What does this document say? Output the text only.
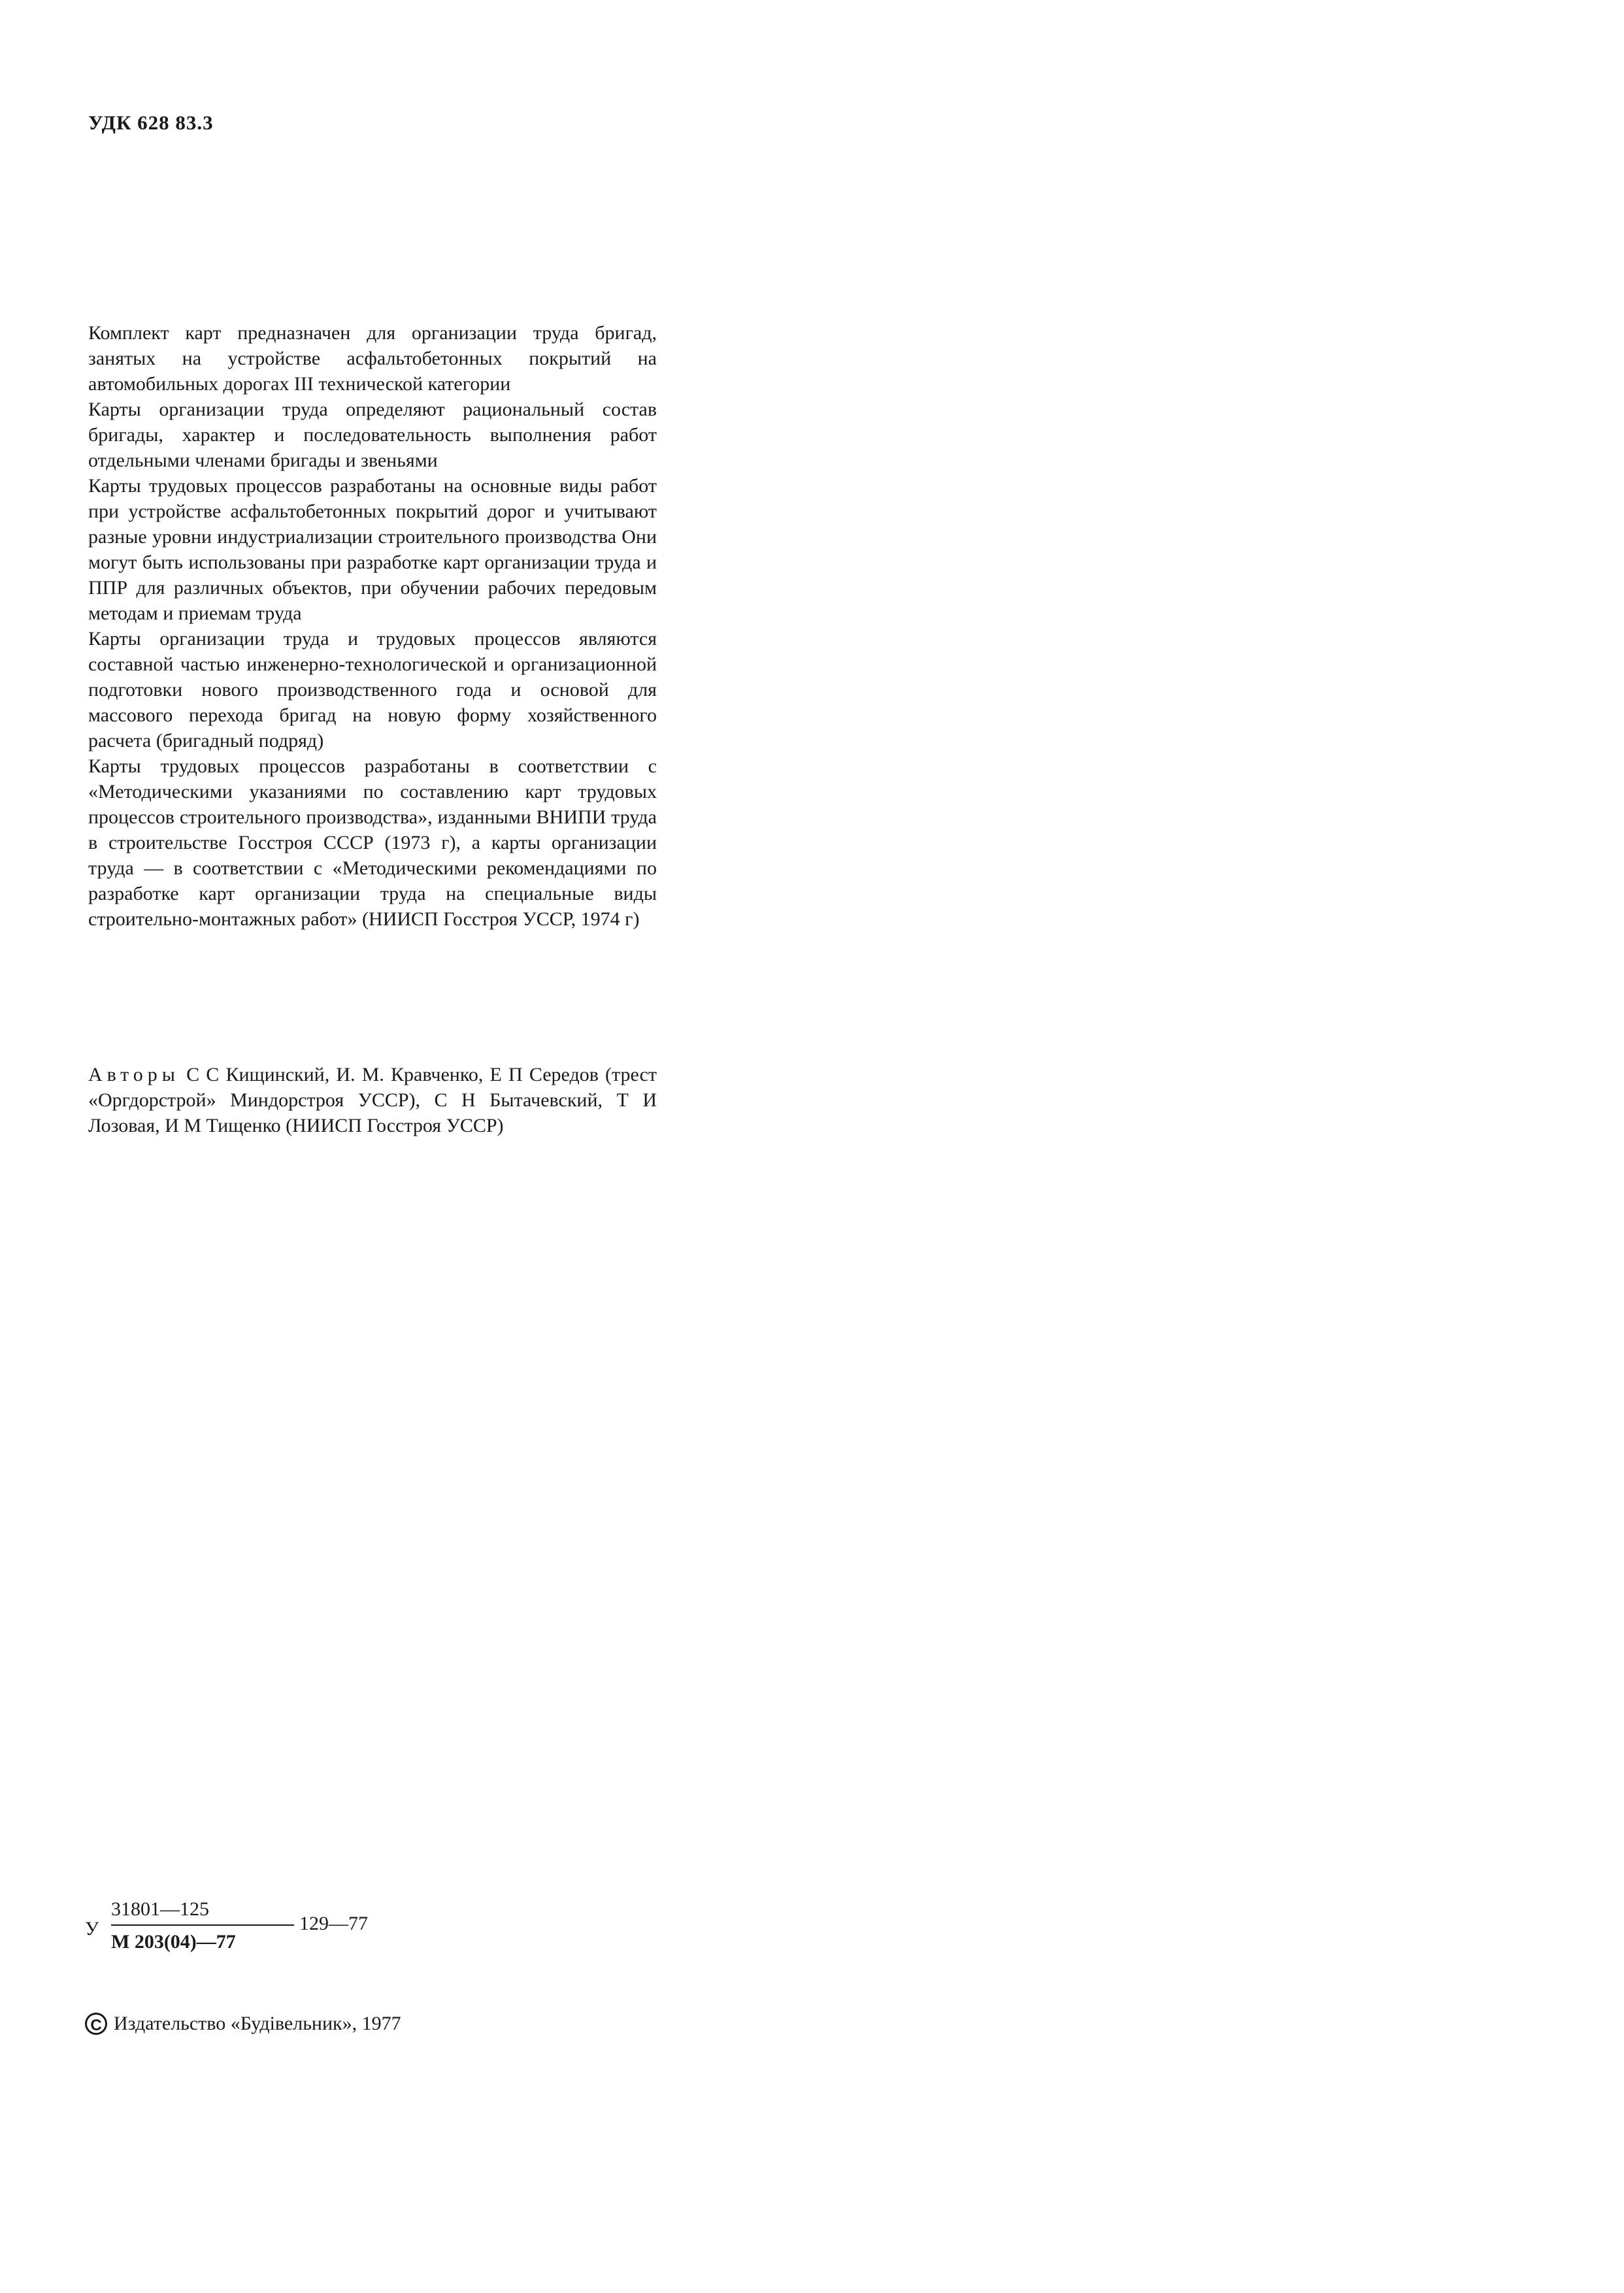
УДК 628 83.3

Комплект карт предназначен для организации труда бригад, занятых на устройстве асфальтобетонных покрытий на автомобильных дорогах III технической категории

Карты организации труда определяют рациональный состав бригады, характер и последовательность выполнения работ отдельными членами бригады и звеньями

Карты трудовых процессов разработаны на основные виды работ при устройстве асфальтобетонных покрытий дорог и учитывают разные уровни индустриализации строительного производства Они могут быть использованы при разработке карт организации труда и ППР для различных объектов, при обучении рабочих передовым методам и приемам труда

Карты организации труда и трудовых процессов являются составной частью инженерно-технологической и организационной подготовки нового производственного года и основой для массового перехода бригад на новую форму хозяйственного расчета (бригадный подряд)

Карты трудовых процессов разработаны в соответствии с «Методическими указаниями по составлению карт трудовых процессов строительного производства», изданными ВНИПИ труда в строительстве Госстроя СССР (1973 г), а карты организации труда — в соответствии с «Методическими рекомендациями по разработке карт организации труда на специальные виды строительно-монтажных работ» (НИИСП Госстроя УССР, 1974 г)

Авторы С С Кищинский, И. М. Кравченко, Е П Середов (трест «Оргдорстрой» Миндорстроя УССР), С Н Бытачевский, Т И Лозовая, И М Тищенко (НИИСП Госстроя УССР)
У
31801—125
М 203(04)—77
129—77
C Издательство «Будівельник», 1977
